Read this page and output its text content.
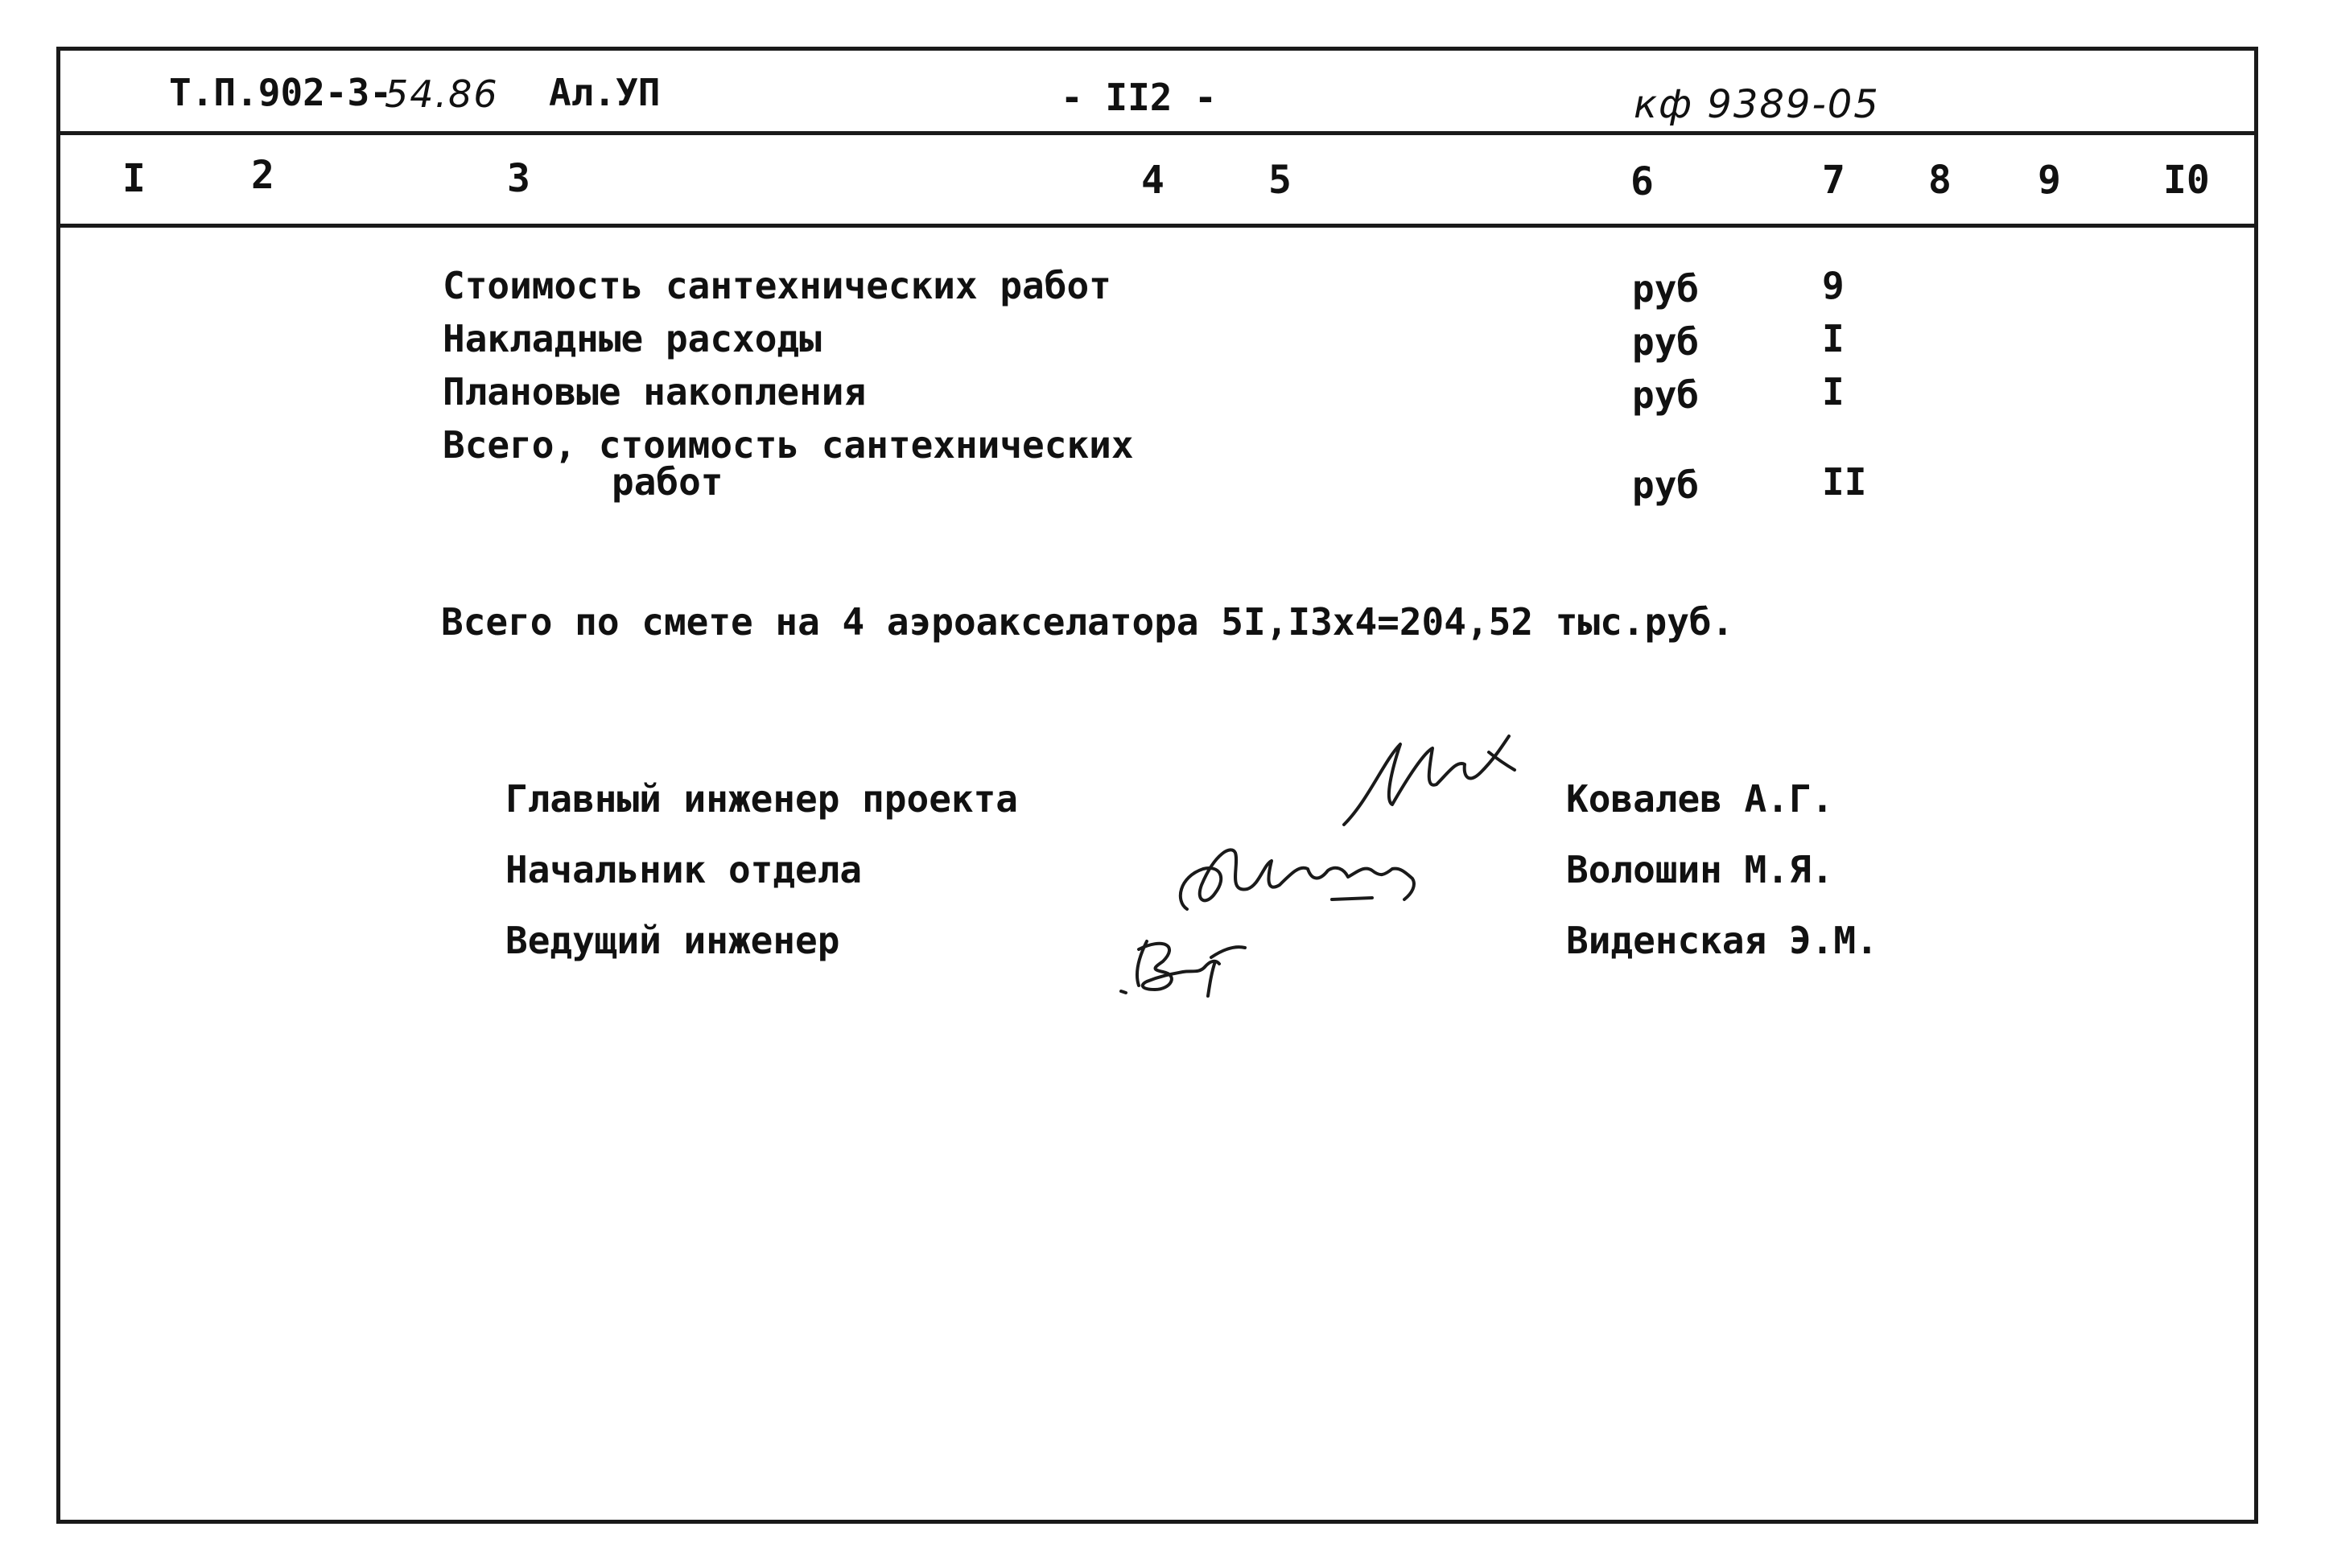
Т.П.902-3-
54.86 Ал.УП	- II2 -	кф 9389-05
I	2	3	4	5	6	7 8 9	I0
Стоимость сантехнических работ	руб	9
Накладные расходы	руб	I
Плановые накопления	руб	I
Всего, стоимость сантехнических
работ	руб	II
Всего по смете на 4 аэроакселатора 5I,I3х4=204,52 тыс.руб.
Главный инженер проекта	Ковалев А.Г.
Начальник отдела	Волошин М.Я.
Ведущий инженер	Виденская Э.М.
